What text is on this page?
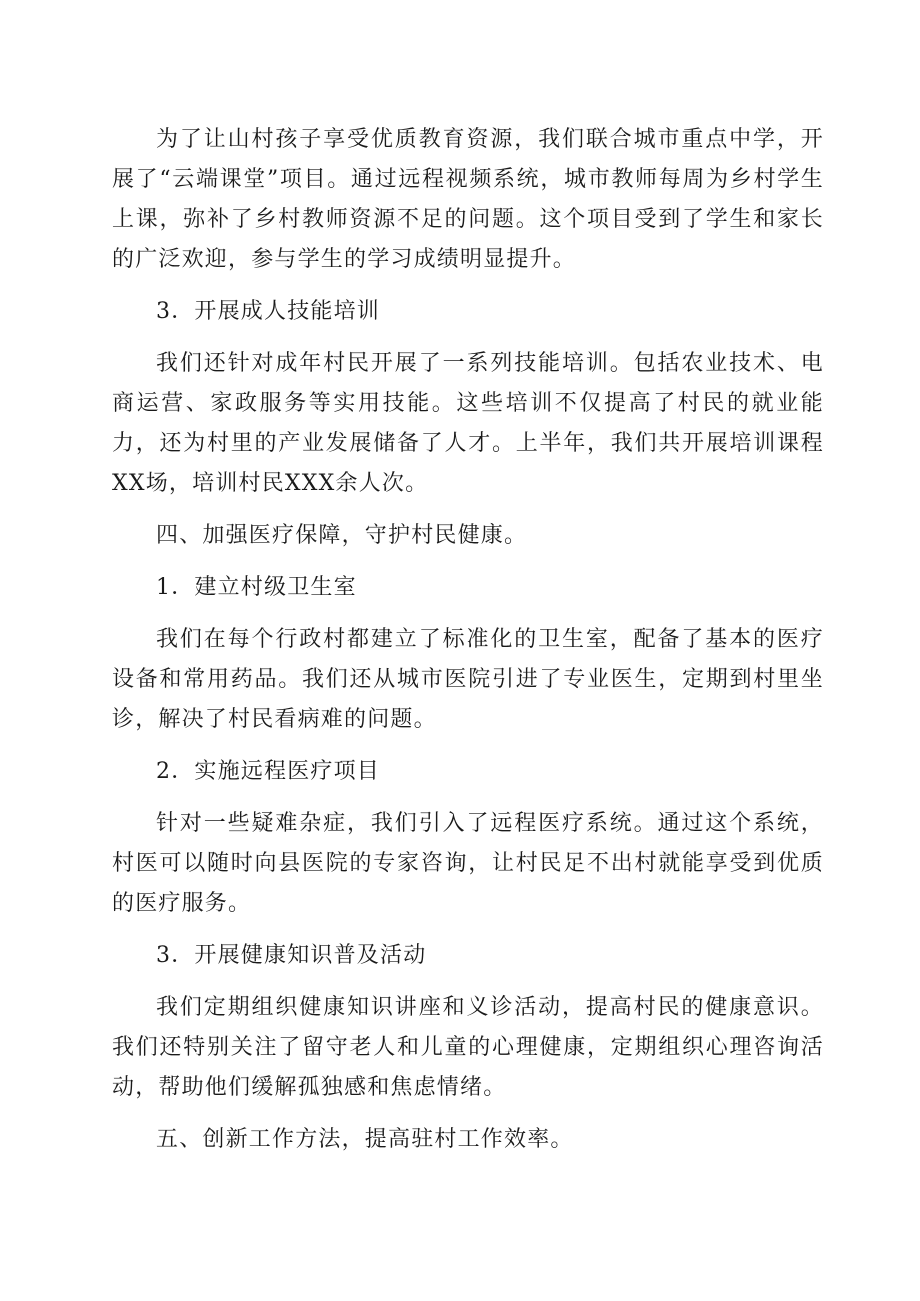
为了让山村孩子享受优质教育资源，我们联合城市重点中学，开展了“云端课堂”项目。通过远程视频系统，城市教师每周为乡村学生上课，弥补了乡村教师资源不足的问题。这个项目受到了学生和家长的广泛欢迎，参与学生的学习成绩明显提升。

3．开展成人技能培训

我们还针对成年村民开展了一系列技能培训。包括农业技术、电商运营、家政服务等实用技能。这些培训不仅提高了村民的就业能力，还为村里的产业发展储备了人才。上半年，我们共开展培训课程XX场，培训村民XXX余人次。

四、加强医疗保障，守护村民健康。

1．建立村级卫生室

我们在每个行政村都建立了标准化的卫生室，配备了基本的医疗设备和常用药品。我们还从城市医院引进了专业医生，定期到村里坐诊，解决了村民看病难的问题。

2．实施远程医疗项目

针对一些疑难杂症，我们引入了远程医疗系统。通过这个系统，村医可以随时向县医院的专家咨询，让村民足不出村就能享受到优质的医疗服务。

3．开展健康知识普及活动

我们定期组织健康知识讲座和义诊活动，提高村民的健康意识。我们还特别关注了留守老人和儿童的心理健康，定期组织心理咨询活动，帮助他们缓解孤独感和焦虑情绪。

五、创新工作方法，提高驻村工作效率。
